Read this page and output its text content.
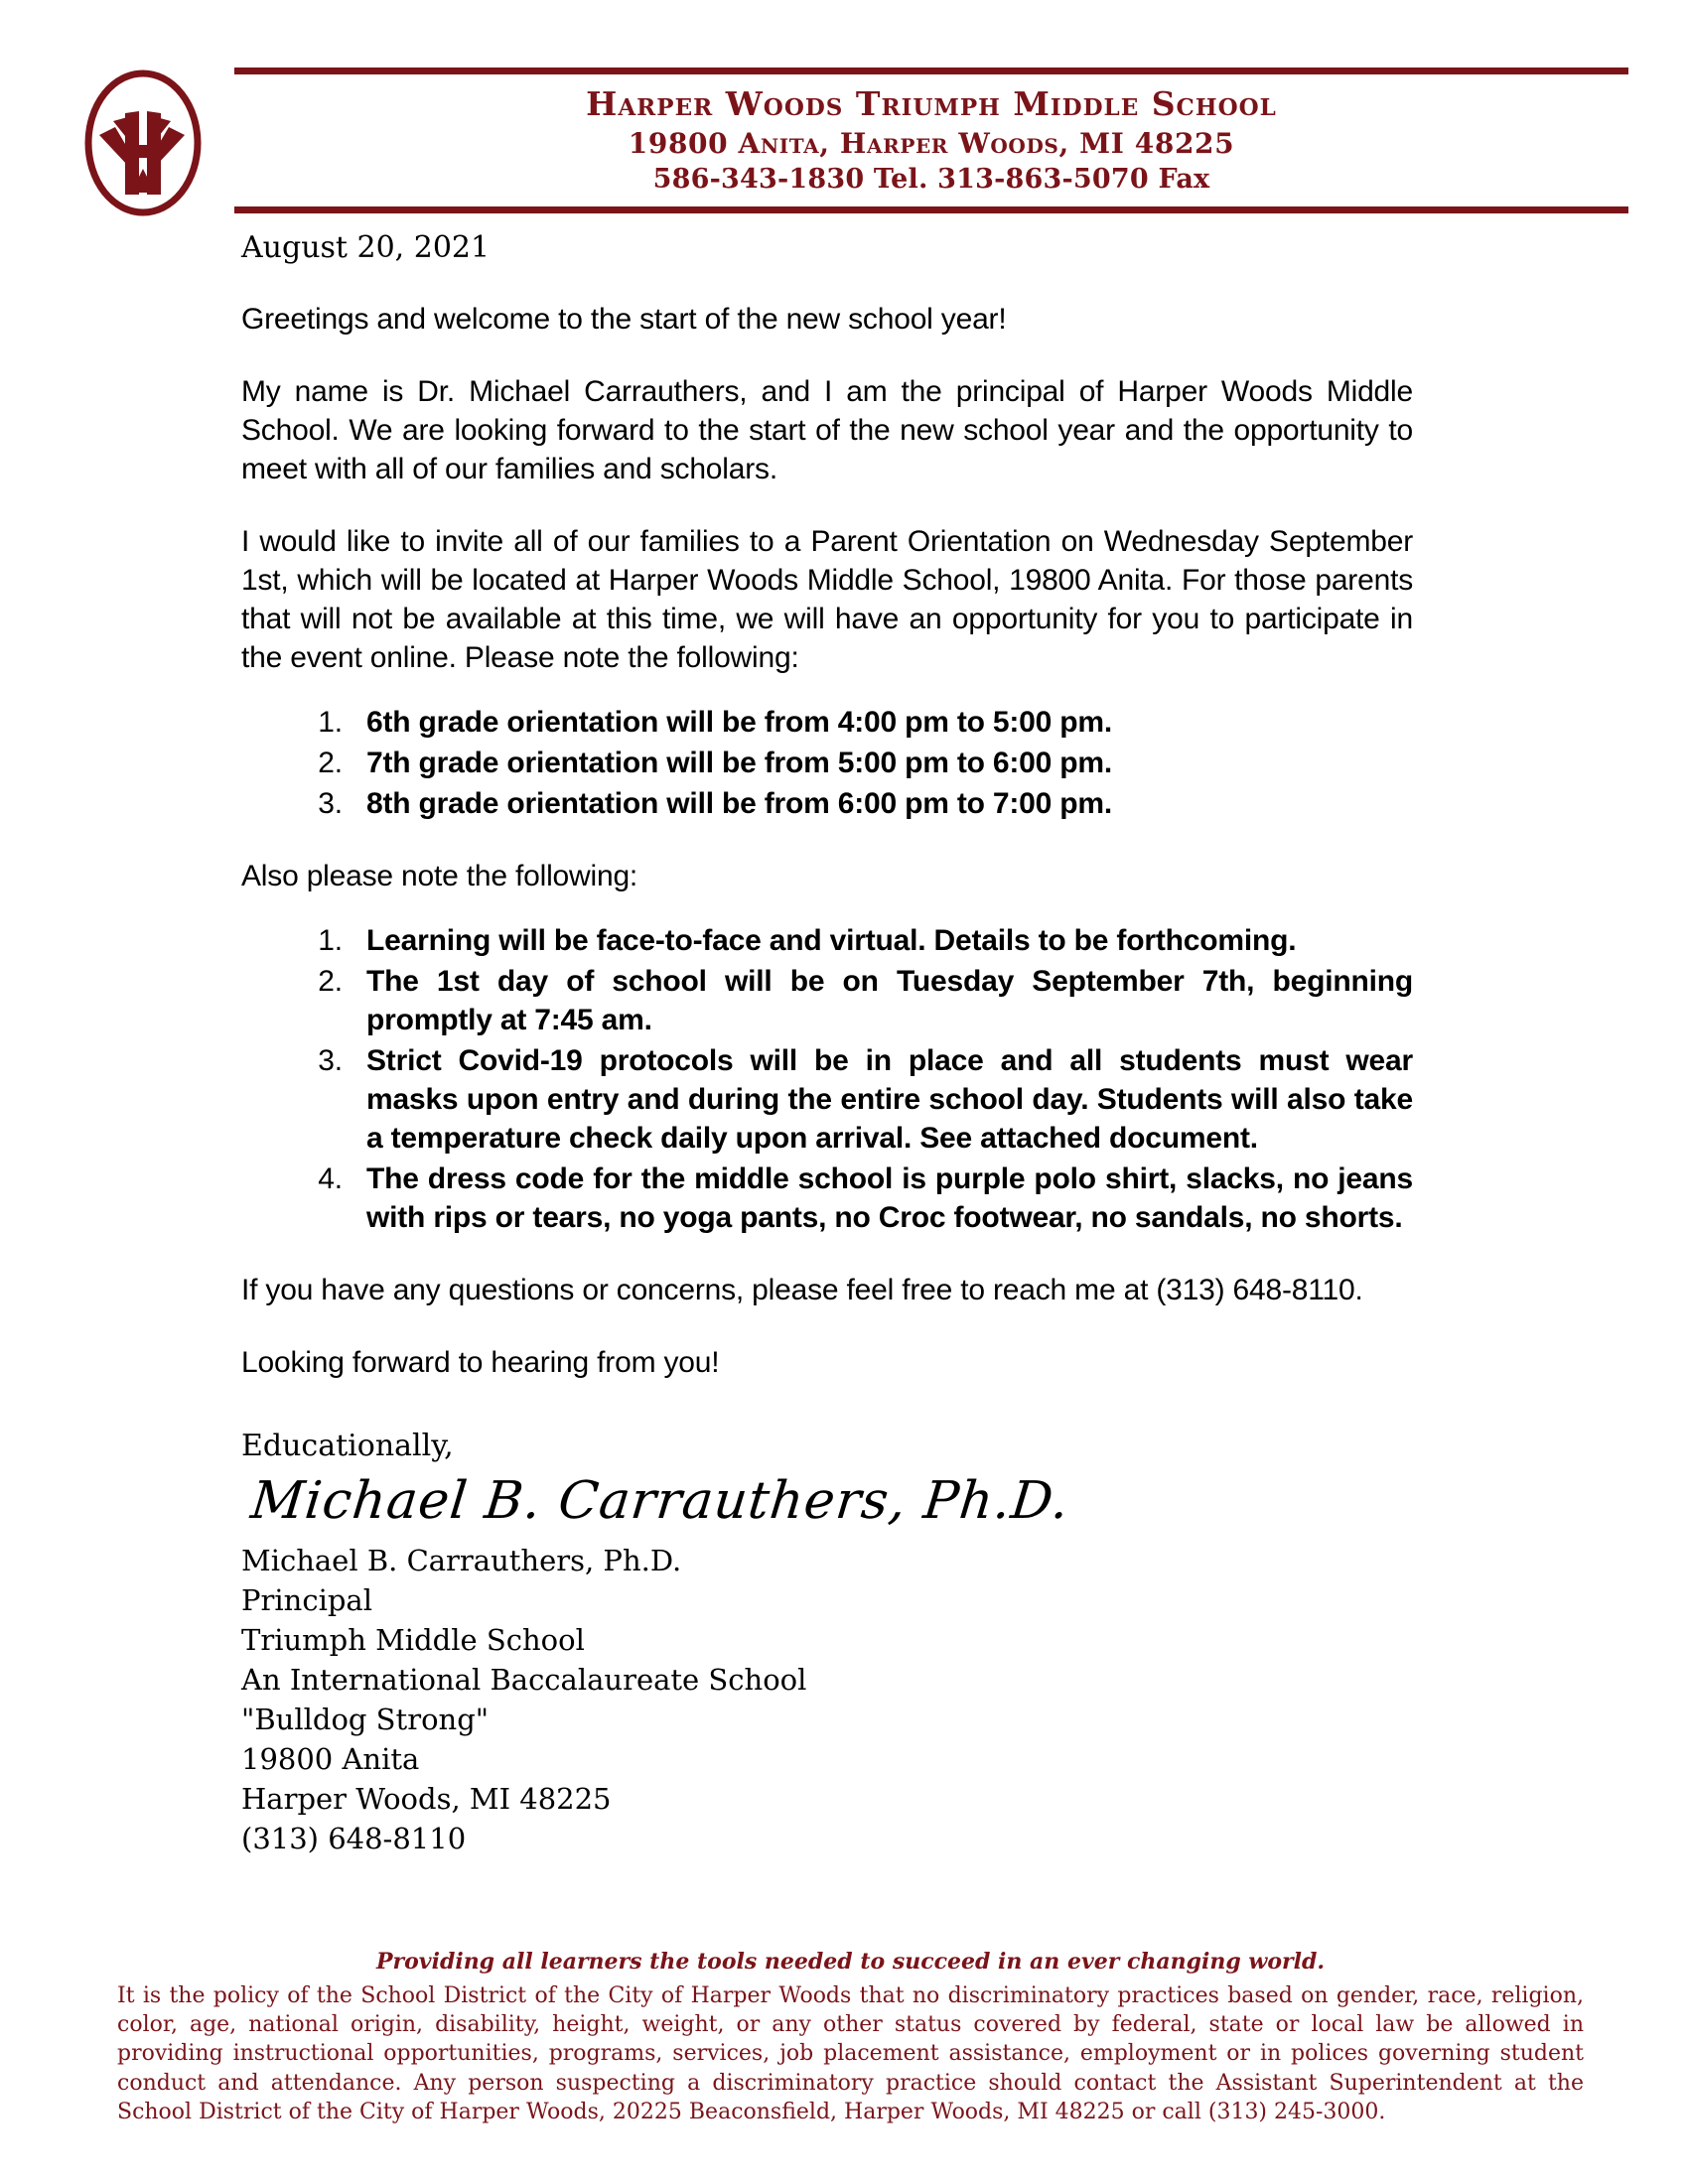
Harper Woods Triumph Middle School
19800 Anita, Harper Woods, MI 48225
586-343-1830 Tel. 313-863-5070 Fax
August 20, 2021

Greetings and welcome to the start of the new school year!

My name is Dr. Michael Carrauthers, and I am the principal of Harper Woods Middle School. We are looking forward to the start of the new school year and the opportunity to meet with all of our families and scholars.

I would like to invite all of our families to a Parent Orientation on Wednesday September 1st, which will be located at Harper Woods Middle School, 19800 Anita. For those parents that will not be available at this time, we will have an opportunity for you to participate in the event online. Please note the following:

1. 6th grade orientation will be from 4:00 pm to 5:00 pm.
2. 7th grade orientation will be from 5:00 pm to 6:00 pm.
3. 8th grade orientation will be from 6:00 pm to 7:00 pm.

Also please note the following:

1. Learning will be face-to-face and virtual. Details to be forthcoming.
2. The 1st day of school will be on Tuesday September 7th, beginning promptly at 7:45 am.
3. Strict Covid-19 protocols will be in place and all students must wear masks upon entry and during the entire school day. Students will also take a temperature check daily upon arrival. See attached document.
4. The dress code for the middle school is purple polo shirt, slacks, no jeans with rips or tears, no yoga pants, no Croc footwear, no sandals, no shorts.

If you have any questions or concerns, please feel free to reach me at (313) 648-8110.

Looking forward to hearing from you!

Educationally,
Michael B. Carrauthers, Ph.D.
Michael B. Carrauthers, Ph.D.
Principal
Triumph Middle School
An International Baccalaureate School
"Bulldog Strong"
19800 Anita
Harper Woods, MI 48225
(313) 648-8110
Providing all learners the tools needed to succeed in an ever changing world.

It is the policy of the School District of the City of Harper Woods that no discriminatory practices based on gender, race, religion, color, age, national origin, disability, height, weight, or any other status covered by federal, state or local law be allowed in providing instructional opportunities, programs, services, job placement assistance, employment or in polices governing student conduct and attendance. Any person suspecting a discriminatory practice should contact the Assistant Superintendent at the School District of the City of Harper Woods, 20225 Beaconsfield, Harper Woods, MI 48225 or call (313) 245-3000.
